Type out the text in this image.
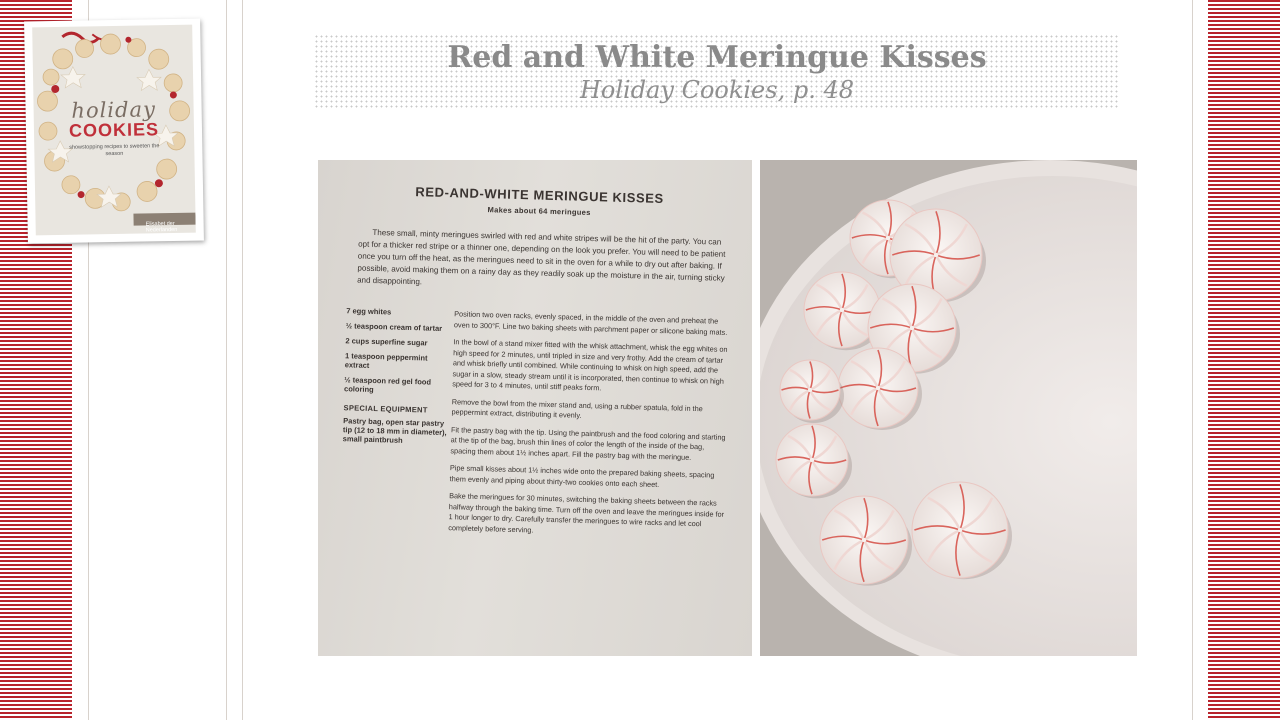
holiday
COOKIES
showstopping recipes to sweeten the season
Elisabet der Nederlanden
Red and White Meringue Kisses
Holiday Cookies, p. 48
RED-AND-WHITE MERINGUE KISSES
Makes about 64 meringues
These small, minty meringues swirled with red and white stripes will be the hit of the party. You can opt for a thicker red stripe or a thinner one, depending on the look you prefer. You will need to be patient once you turn off the heat, as the meringues need to sit in the oven for a while to dry out after baking. If possible, avoid making them on a rainy day as they readily soak up the moisture in the air, turning sticky and disappointing.
7 egg whites
½ teaspoon cream of tartar
2 cups superfine sugar
1 teaspoon peppermint extract
½ teaspoon red gel food coloring
SPECIAL EQUIPMENT
Pastry bag, open star pastry tip (12 to 18 mm in diameter), small paintbrush

Position two oven racks, evenly spaced, in the middle of the oven and preheat the oven to 300°F. Line two baking sheets with parchment paper or silicone baking mats.

In the bowl of a stand mixer fitted with the whisk attachment, whisk the egg whites on high speed for 2 minutes, until tripled in size and very frothy. Add the cream of tartar and whisk briefly until combined. While continuing to whisk on high speed, add the sugar in a slow, steady stream until it is incorporated, then continue to whisk on high speed for 3 to 4 minutes, until stiff peaks form.

Remove the bowl from the mixer stand and, using a rubber spatula, fold in the peppermint extract, distributing it evenly.

Fit the pastry bag with the tip. Using the paintbrush and the food coloring and starting at the tip of the bag, brush thin lines of color the length of the inside of the bag, spacing them about 1½ inches apart. Fill the pastry bag with the meringue.

Pipe small kisses about 1½ inches wide onto the prepared baking sheets, spacing them evenly and piping about thirty-two cookies onto each sheet.

Bake the meringues for 30 minutes, switching the baking sheets between the racks halfway through the baking time. Turn off the oven and leave the meringues inside for 1 hour longer to dry. Carefully transfer the meringues to wire racks and let cool completely before serving.
